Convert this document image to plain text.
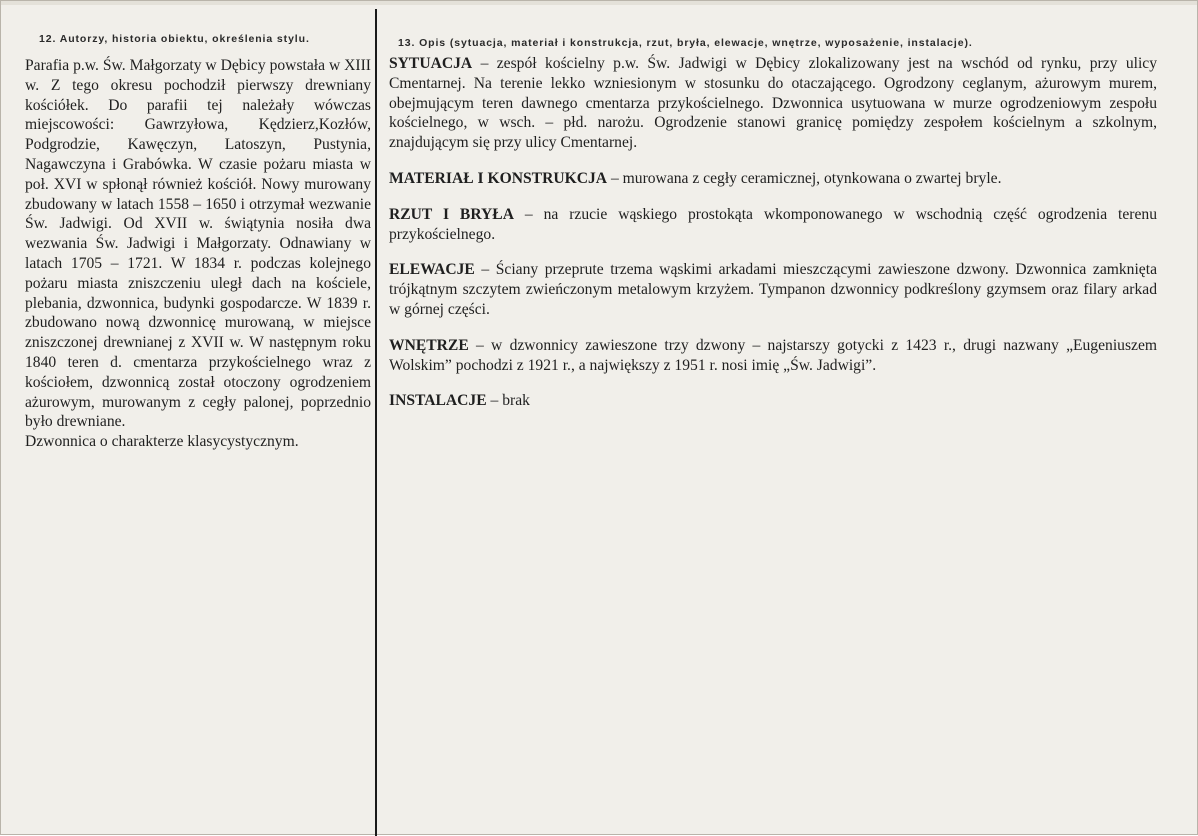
12. Autorzy, historia obiektu, określenia stylu.
Parafia p.w. Św. Małgorzaty w Dębicy powstała w XIII w. Z tego okresu pochodził pierwszy drewniany kościółek. Do parafii tej należały wówczas miejscowości: Gawrzyłowa, Kędzierz,Kozłów, Podgrodzie, Kawęczyn, Latoszyn, Pustynia, Nagawczyna i Grabówka. W czasie pożaru miasta w poł. XVI w spłonął również kościół. Nowy murowany zbudowany w latach 1558 – 1650 i otrzymał wezwanie Św. Jadwigi. Od XVII w. świątynia nosiła dwa wezwania Św. Jadwigi i Małgorzaty. Odnawiany w latach 1705 – 1721. W 1834 r. podczas kolejnego pożaru miasta zniszczeniu uległ dach na kościele, plebania, dzwonnica, budynki gospodarcze. W 1839 r. zbudowano nową dzwonnicę murowaną, w miejsce zniszczonej drewnianej z XVII w. W następnym roku 1840 teren d. cmentarza przykościelnego wraz z kościołem, dzwonnicą został otoczony ogrodzeniem ażurowym, murowanym z cegły palonej, poprzednio było drewniane.
Dzwonnica o charakterze klasycystycznym.
13. Opis (sytuacja, materiał i konstrukcja, rzut, bryła, elewacje, wnętrze, wyposażenie, instalacje).

SYTUACJA – zespół kościelny p.w. Św. Jadwigi w Dębicy zlokalizowany jest na wschód od rynku, przy ulicy Cmentarnej. Na terenie lekko wzniesionym w stosunku do otaczającego. Ogrodzony ceglanym, ażurowym murem, obejmującym teren dawnego cmentarza przykościelnego. Dzwonnica usytuowana w murze ogrodzeniowym zespołu kościelnego, w wsch. – płd. narożu. Ogrodzenie stanowi granicę pomiędzy zespołem kościelnym a szkolnym, znajdującym się przy ulicy Cmentarnej.

MATERIAŁ I KONSTRUKCJA – murowana z cegły ceramicznej, otynkowana o zwartej bryle.

RZUT I BRYŁA – na rzucie wąskiego prostokąta wkomponowanego w wschodnią część ogrodzenia terenu przykościelnego.

ELEWACJE – Ściany przeprute trzema wąskimi arkadami mieszczącymi zawieszone dzwony. Dzwonnica zamknięta trójkątnym szczytem zwieńczonym metalowym krzyżem. Tympanon dzwonnicy podkreślony gzymsem oraz filary arkad w górnej części.

WNĘTRZE – w dzwonnicy zawieszone trzy dzwony – najstarszy gotycki z 1423 r., drugi nazwany „Eugeniuszem Wolskim” pochodzi z 1921 r., a największy z 1951 r. nosi imię „Św. Jadwigi”.

INSTALACJE – brak
